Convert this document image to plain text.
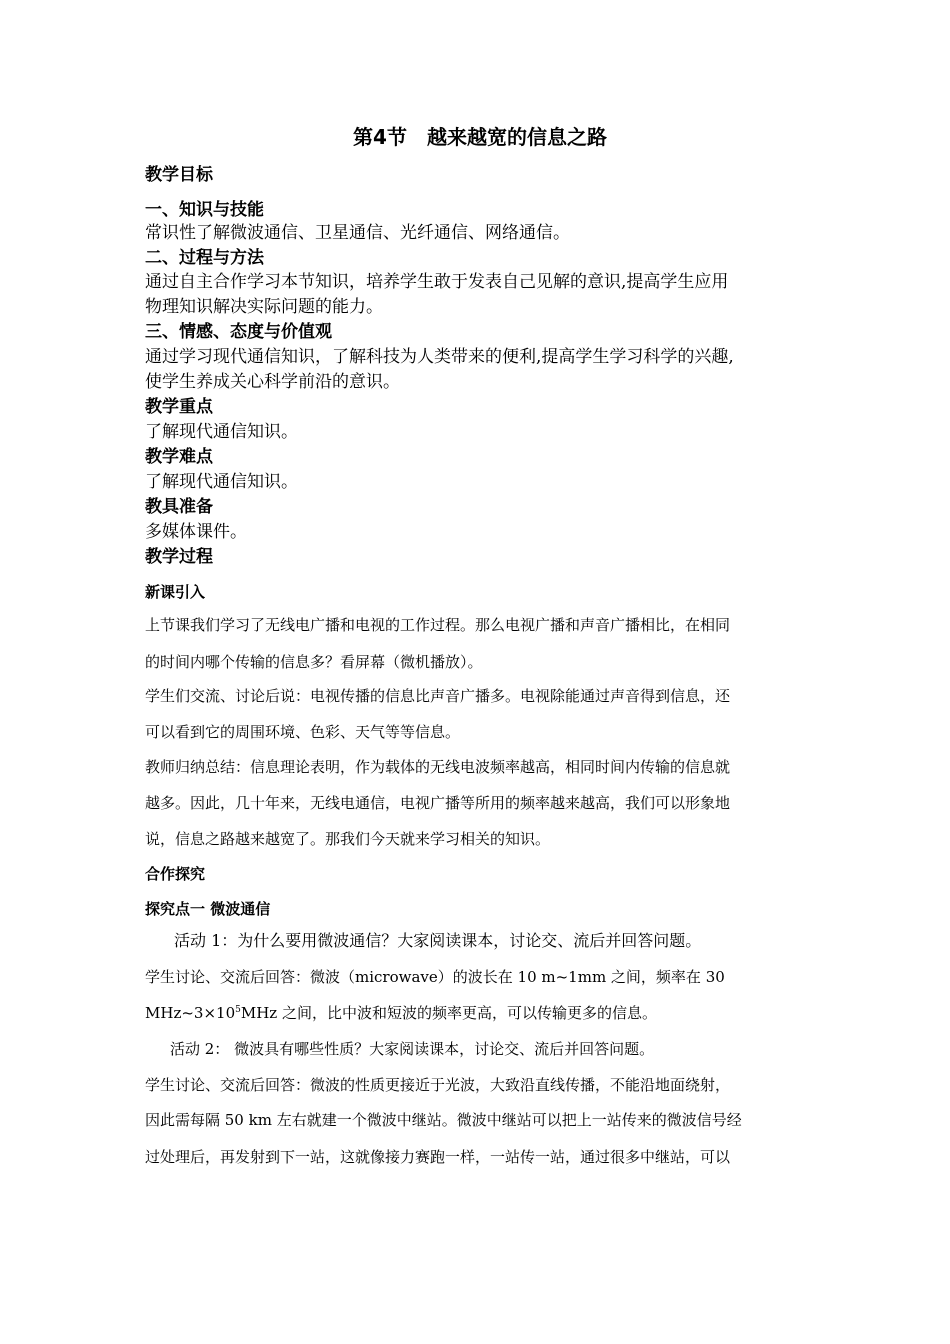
第4节　越来越宽的信息之路
教学目标
一、知识与技能
常识性了解微波通信、卫星通信、光纤通信、网络通信。
二、过程与方法
通过自主合作学习本节知识，培养学生敢于发表自己见解的意识,提高学生应用
物理知识解决实际问题的能力。
三、情感、态度与价值观
通过学习现代通信知识，了解科技为人类带来的便利,提高学生学习科学的兴趣,
使学生养成关心科学前沿的意识。
教学重点
了解现代通信知识。
教学难点
了解现代通信知识。
教具准备
多媒体课件。
教学过程
新课引入
上节课我们学习了无线电广播和电视的工作过程。那么电视广播和声音广播相比，在相同
的时间内哪个传输的信息多？看屏幕（微机播放）。
学生们交流、讨论后说：电视传播的信息比声音广播多。电视除能通过声音得到信息，还
可以看到它的周围环境、色彩、天气等等信息。
教师归纳总结：信息理论表明，作为载体的无线电波频率越高，相同时间内传输的信息就
越多。因此，几十年来，无线电通信，电视广播等所用的频率越来越高，我们可以形象地
说，信息之路越来越宽了。那我们今天就来学习相关的知识。
合作探究
探究点一 微波通信
活动 1：为什么要用微波通信？大家阅读课本，讨论交、流后并回答问题。
学生讨论、交流后回答：微波（microwave）的波长在 10 m~1mm 之间，频率在 30
$MHz\sim 3\times 10^5MHz$ 之间，比中波和短波的频率更高，可以传输更多的信息。
活动 2： 微波具有哪些性质？大家阅读课本，讨论交、流后并回答问题。
学生讨论、交流后回答：微波的性质更接近于光波，大致沿直线传播，不能沿地面绕射，
因此需每隔 50 km 左右就建一个微波中继站。微波中继站可以把上一站传来的微波信号经
过处理后，再发射到下一站，这就像接力赛跑一样，一站传一站，通过很多中继站，可以
